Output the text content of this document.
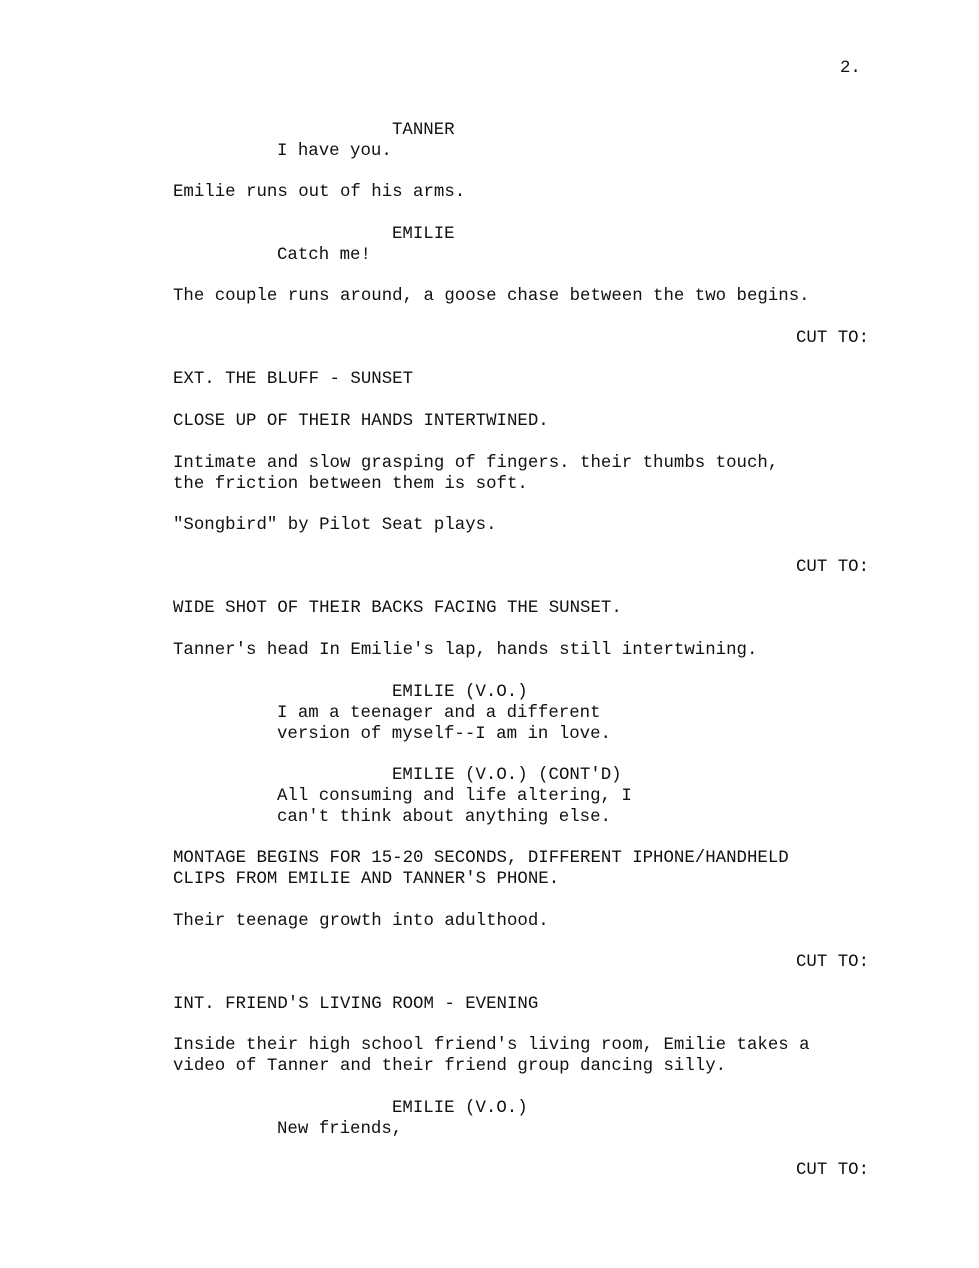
2.
TANNER
I have you.
Emilie runs out of his arms.
EMILIE
Catch me!
The couple runs around, a goose chase between the two begins.
CUT TO:
EXT. THE BLUFF - SUNSET
CLOSE UP OF THEIR HANDS INTERTWINED.
Intimate and slow grasping of fingers. their thumbs touch,
the friction between them is soft.
"Songbird" by Pilot Seat plays.
CUT TO:
WIDE SHOT OF THEIR BACKS FACING THE SUNSET.
Tanner's head In Emilie's lap, hands still intertwining.
EMILIE (V.O.)
I am a teenager and a different
version of myself--I am in love.
EMILIE (V.O.) (CONT'D)
All consuming and life altering, I
can't think about anything else.
MONTAGE BEGINS FOR 15-20 SECONDS, DIFFERENT IPHONE/HANDHELD
CLIPS FROM EMILIE AND TANNER'S PHONE.
Their teenage growth into adulthood.
CUT TO:
INT. FRIEND'S LIVING ROOM - EVENING
Inside their high school friend's living room, Emilie takes a
video of Tanner and their friend group dancing silly.
EMILIE (V.O.)
New friends,
CUT TO:
